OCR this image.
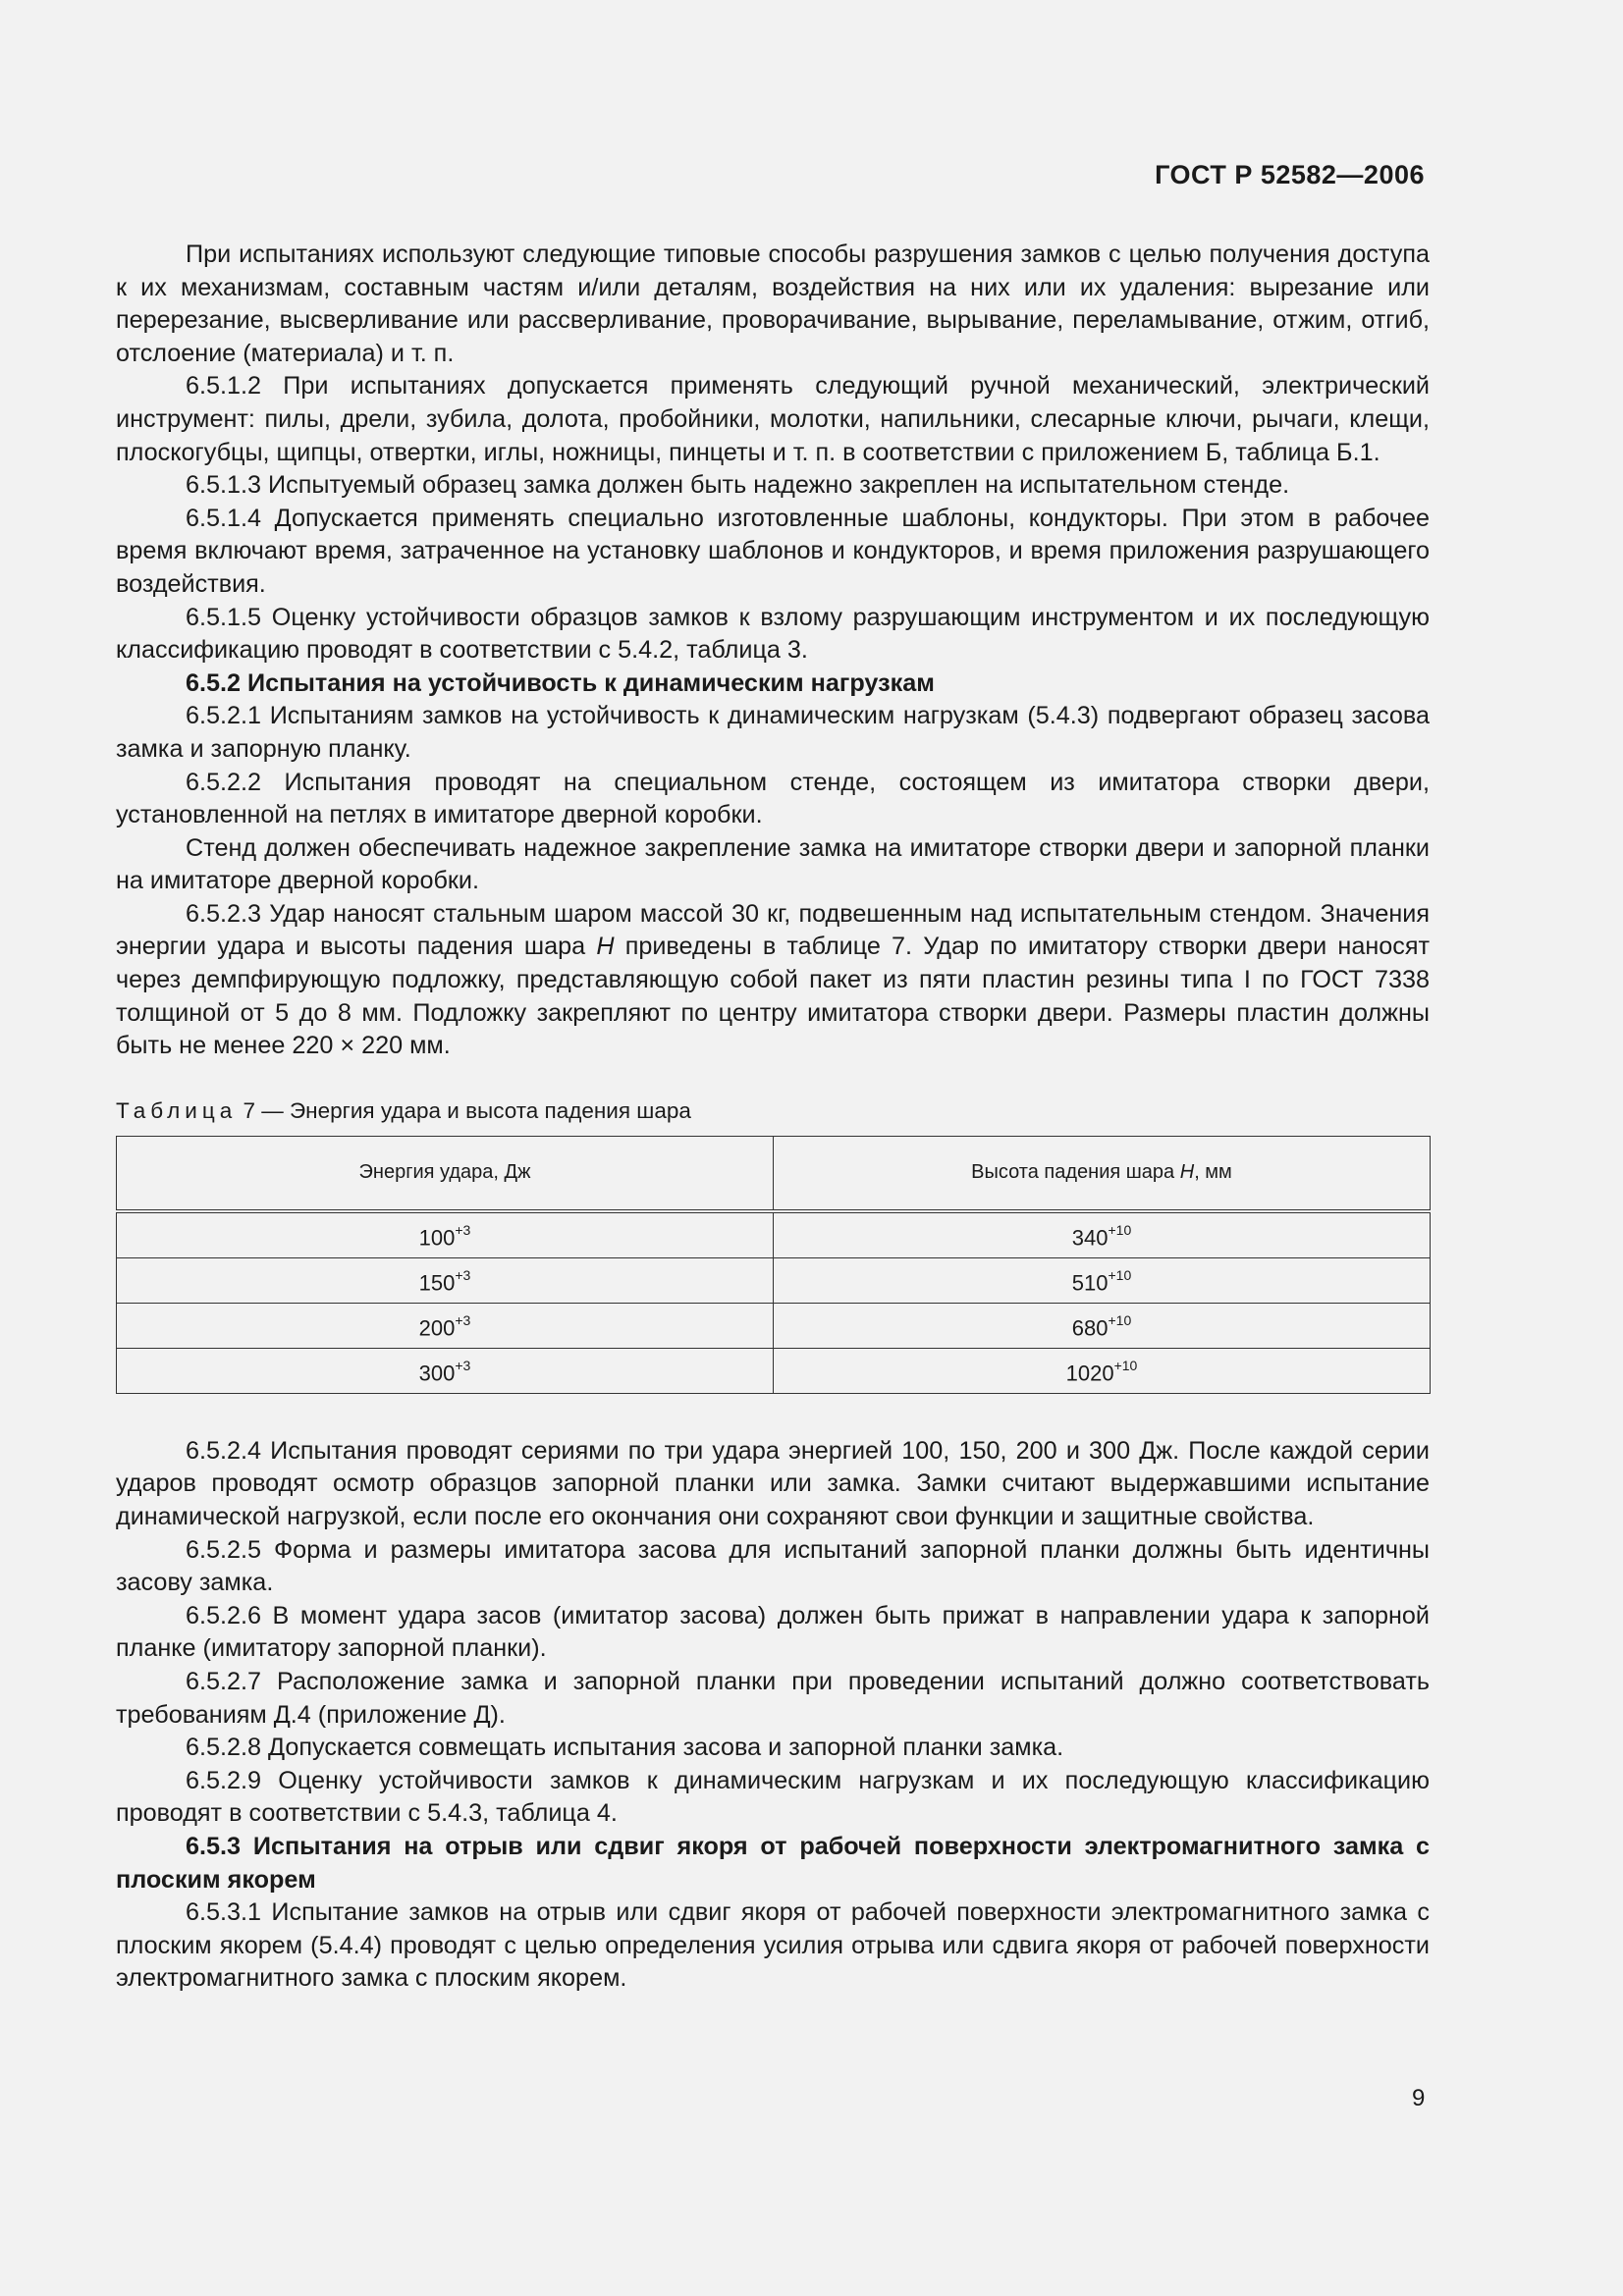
ГОСТ Р 52582—2006

При испытаниях используют следующие типовые способы разрушения замков с целью получения доступа к их механизмам, составным частям и/или деталям, воздействия на них или их удаления: вырезание или перерезание, высверливание или рассверливание, проворачивание, вырывание, переламывание, отжим, отгиб, отслоение (материала) и т. п.

6.5.1.2 При испытаниях допускается применять следующий ручной механический, электрический инструмент: пилы, дрели, зубила, долота, пробойники, молотки, напильники, слесарные ключи, рычаги, клещи, плоскогубцы, щипцы, отвертки, иглы, ножницы, пинцеты и т. п. в соответствии с приложением Б, таблица Б.1.

6.5.1.3 Испытуемый образец замка должен быть надежно закреплен на испытательном стенде.

6.5.1.4 Допускается применять специально изготовленные шаблоны, кондукторы. При этом в рабочее время включают время, затраченное на установку шаблонов и кондукторов, и время приложения разрушающего воздействия.

6.5.1.5 Оценку устойчивости образцов замков к взлому разрушающим инструментом и их последующую классификацию проводят в соответствии с 5.4.2, таблица 3.

6.5.2 Испытания на устойчивость к динамическим нагрузкам

6.5.2.1 Испытаниям замков на устойчивость к динамическим нагрузкам (5.4.3) подвергают образец засова замка и запорную планку.

6.5.2.2 Испытания проводят на специальном стенде, состоящем из имитатора створки двери, установленной на петлях в имитаторе дверной коробки.

Стенд должен обеспечивать надежное закрепление замка на имитаторе створки двери и запорной планки на имитаторе дверной коробки.

6.5.2.3 Удар наносят стальным шаром массой 30 кг, подвешенным над испытательным стендом. Значения энергии удара и высоты падения шара H приведены в таблице 7. Удар по имитатору створки двери наносят через демпфирующую подложку, представляющую собой пакет из пяти пластин резины типа I по ГОСТ 7338 толщиной от 5 до 8 мм. Подложку закрепляют по центру имитатора створки двери. Размеры пластин должны быть не менее 220 × 220 мм.

Таблица 7 — Энергия удара и высота падения шара
Энергия удара, Дж	Высота падения шара H, мм
$100^{+3}$	$340^{+10}$
$150^{+3}$	$510^{+10}$
$200^{+3}$	$680^{+10}$
$300^{+3}$	$1020^{+10}$

6.5.2.4 Испытания проводят сериями по три удара энергией 100, 150, 200 и 300 Дж. После каждой серии ударов проводят осмотр образцов запорной планки или замка. Замки считают выдержавшими испытание динамической нагрузкой, если после его окончания они сохраняют свои функции и защитные свойства.

6.5.2.5 Форма и размеры имитатора засова для испытаний запорной планки должны быть идентичны засову замка.

6.5.2.6 В момент удара засов (имитатор засова) должен быть прижат в направлении удара к запорной планке (имитатору запорной планки).

6.5.2.7 Расположение замка и запорной планки при проведении испытаний должно соответствовать требованиям Д.4 (приложение Д).

6.5.2.8 Допускается совмещать испытания засова и запорной планки замка.

6.5.2.9 Оценку устойчивости замков к динамическим нагрузкам и их последующую классификацию проводят в соответствии с 5.4.3, таблица 4.

6.5.3 Испытания на отрыв или сдвиг якоря от рабочей поверхности электромагнитного замка с плоским якорем

6.5.3.1 Испытание замков на отрыв или сдвиг якоря от рабочей поверхности электромагнитного замка с плоским якорем (5.4.4) проводят с целью определения усилия отрыва или сдвига якоря от рабочей поверхности электромагнитного замка с плоским якорем.

9
